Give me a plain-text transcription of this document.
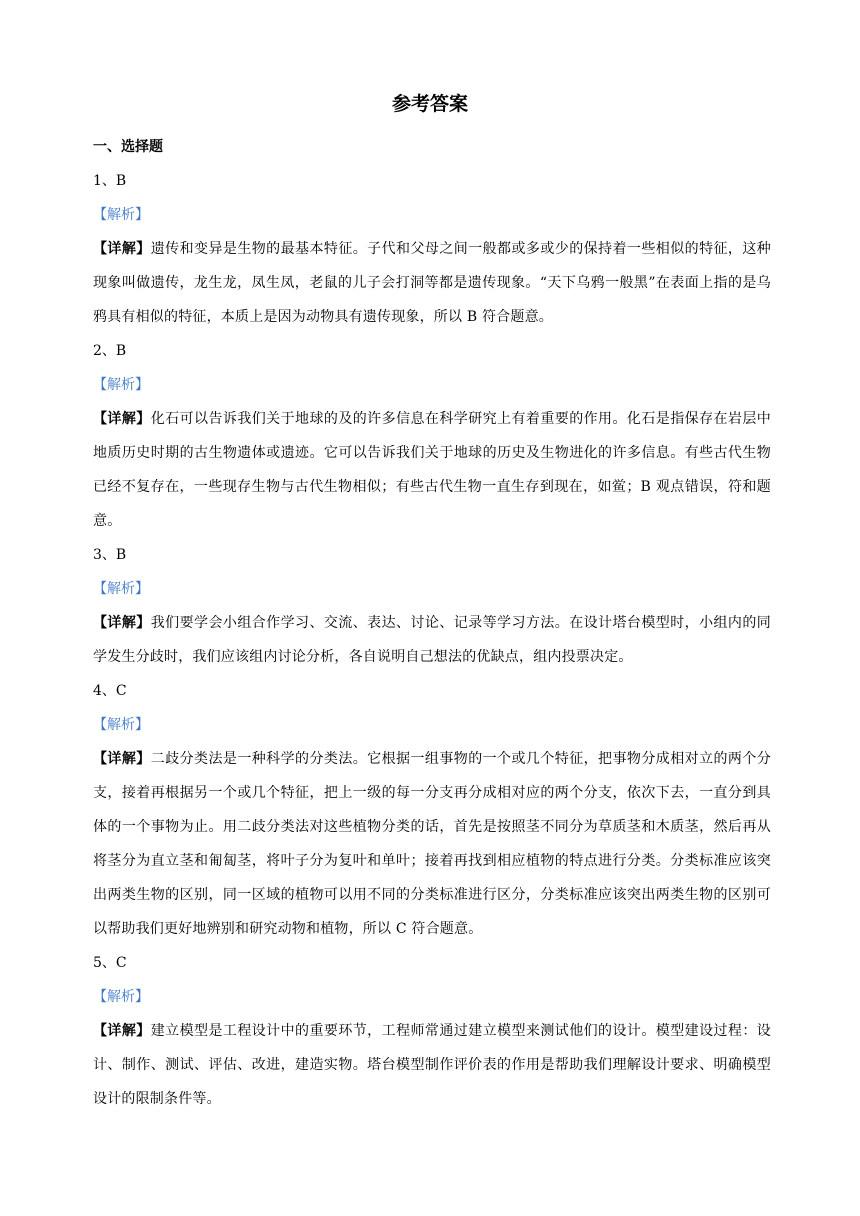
参考答案
一、选择题
1、B
【解析】

【详解】遗传和变异是生物的最基本特征。子代和父母之间一般都或多或少的保持着一些相似的特征，这种现象叫做遗传，龙生龙，凤生凤，老鼠的儿子会打洞等都是遗传现象。“天下乌鸦一般黑”在表面上指的是乌鸦具有相似的特征，本质上是因为动物具有遗传现象，所以 B 符合题意。

2、B
【解析】

【详解】化石可以告诉我们关于地球的及的许多信息在科学研究上有着重要的作用。化石是指保存在岩层中地质历史时期的古生物遗体或遗迹。它可以告诉我们关于地球的历史及生物进化的许多信息。有些古代生物已经不复存在，一些现存生物与古代生物相似；有些古代生物一直生存到现在，如鲎；B 观点错误，符和题意。

3、B
【解析】

【详解】我们要学会小组合作学习、交流、表达、讨论、记录等学习方法。在设计塔台模型时，小组内的同学发生分歧时，我们应该组内讨论分析，各自说明自己想法的优缺点，组内投票决定。

4、C
【解析】

【详解】二歧分类法是一种科学的分类法。它根据一组事物的一个或几个特征，把事物分成相对立的两个分支，接着再根据另一个或几个特征，把上一级的每一分支再分成相对应的两个分支，依次下去，一直分到具体的一个事物为止。用二歧分类法对这些植物分类的话，首先是按照茎不同分为草质茎和木质茎，然后再从将茎分为直立茎和匍匐茎，将叶子分为复叶和单叶；接着再找到相应植物的特点进行分类。分类标准应该突出两类生物的区别，同一区域的植物可以用不同的分类标准进行区分，分类标准应该突出两类生物的区别可以帮助我们更好地辨别和研究动物和植物，所以 C 符合题意。

5、C
【解析】

【详解】建立模型是工程设计中的重要环节，工程师常通过建立模型来测试他们的设计。模型建设过程：设计、制作、测试、评估、改进，建造实物。塔台模型制作评价表的作用是帮助我们理解设计要求、明确模型设计的限制条件等。
